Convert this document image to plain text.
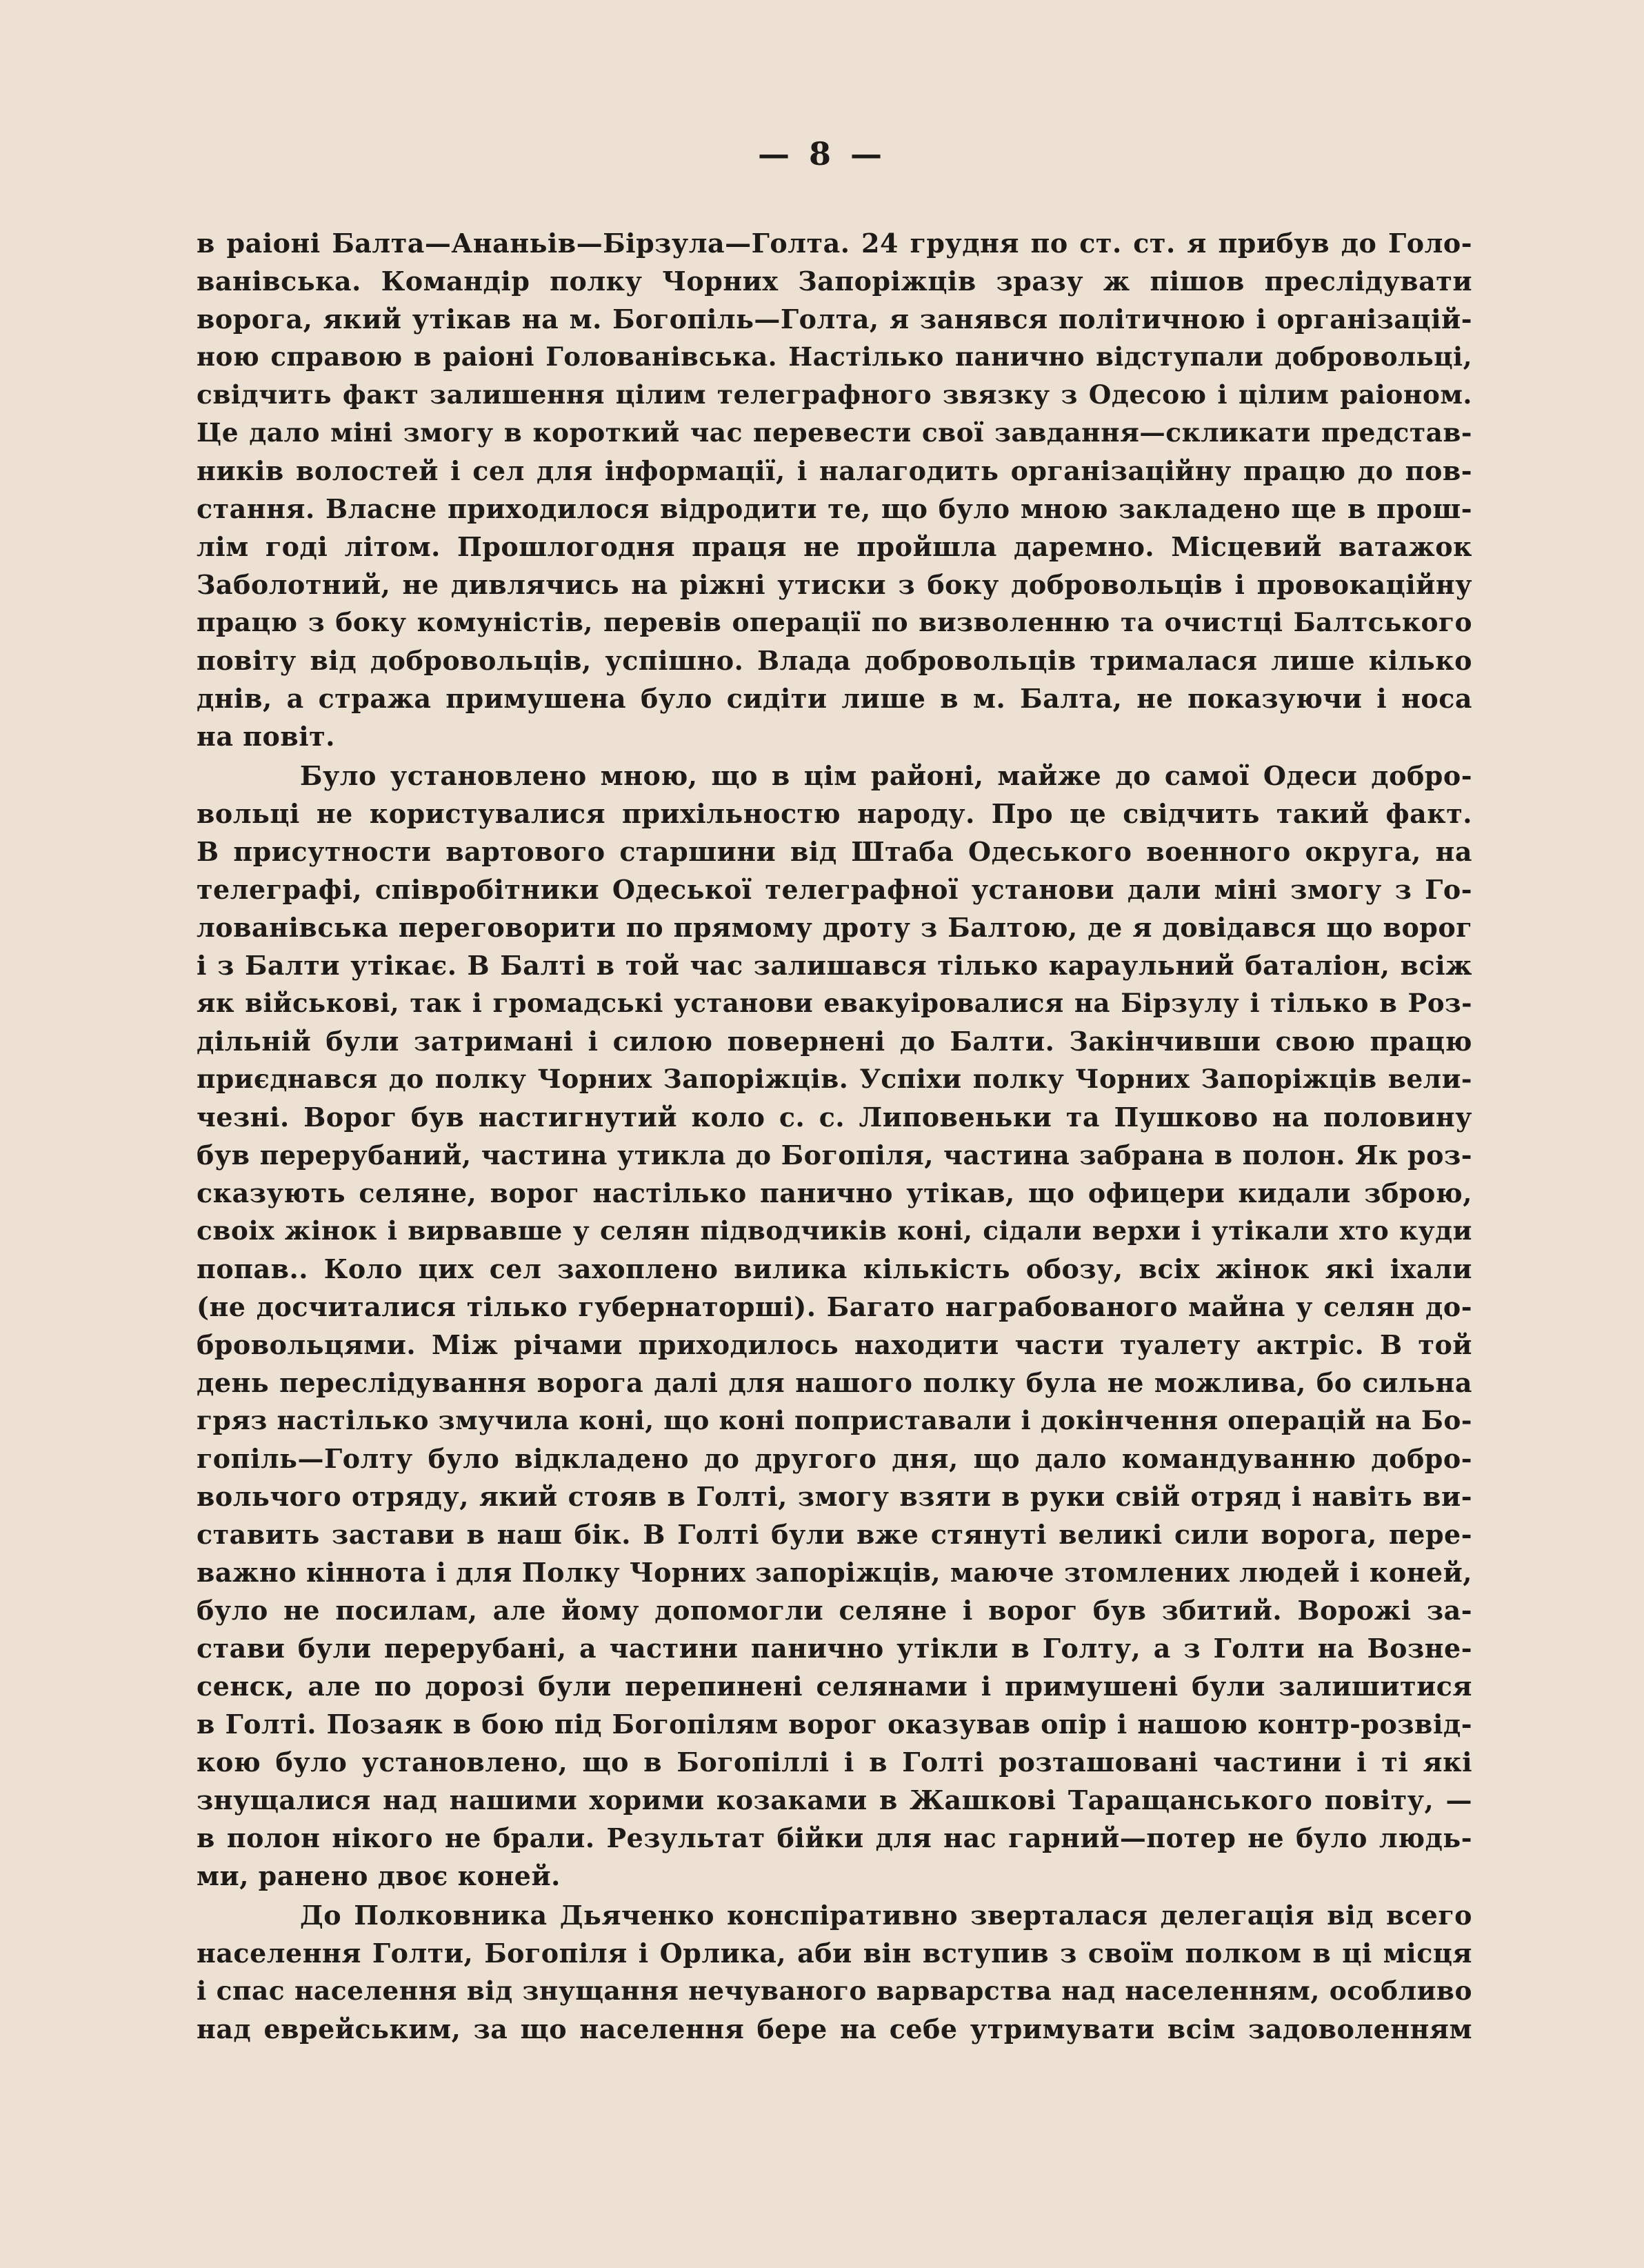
— 8 —
в раіоні Балта—Ананьів—Бірзула—Голта. 24 грудня по ст. ст. я прибув до Голо-
ванівська. Командір полку Чорних Запоріжців зразу ж пішов преслідувати
ворога, який утікав на м. Богопіль—Голта, я занявся політичною і організацій-
ною справою в раіоні Голованівська. Настілько панично відступали добровольці,
свідчить факт залишення цілим телеграфного звязку з Одесою і цілим раіоном.
Це дало міні змогу в короткий час перевести свої завдання—скликати представ-
ників волостей і сел для інформації, і налагодить організаційну працю до пов-
стання. Власне приходилося відродити те, що було мною закладено ще в прош-
лім годі літом. Прошлогодня праця не пройшла даремно. Місцевий ватажок
Заболотний, не дивлячись на ріжні утиски з боку добровольців і провокаційну
працю з боку комуністів, перевів операції по визволенню та очистці Балтського
повіту від добровольців, успішно. Влада добровольців трималася лише кілько
днів, а стража примушена було сидіти лише в м. Балта, не показуючи і носа
на повіт.
Було установлено мною, що в цім районі, майже до самої Одеси добро-
вольці не користувалися прихільностю народу. Про це свідчить такий факт.
В присутности вартового старшини від Штаба Одеського военного округа, на
телеграфі, співробітники Одеської телеграфної установи дали міні змогу з Го-
лованівська переговорити по прямому дроту з Балтою, де я довідався що ворог
і з Балти утікає. В Балті в той час залишався тілько караульний баталіон, всіж
як військові, так і громадські установи евакуіровалися на Бірзулу і тілько в Роз-
дільній були затримані і силою повернені до Балти. Закінчивши свою працю
приєднався до полку Чорних Запоріжців. Успіхи полку Чорних Запоріжців вели-
чезні. Ворог був настигнутий коло с. с. Липовеньки та Пушково на половину
був перерубаний, частина утикла до Богопіля, частина забрана в полон. Як роз-
сказують селяне, ворог настілько панично утікав, що офицери кидали зброю,
своіх жінок і вирвавше у селян підводчиків коні, сідали верхи і утікали хто куди
попав.. Коло цих сел захоплено вилика кількість обозу, всіх жінок які іхали
(не досчиталися тілько губернаторші). Багато награбованого майна у селян до-
бровольцями. Між річами приходилось находити части туалету актріс. В той
день переслідування ворога далі для нашого полку була не можлива, бо сильна
гряз настілько змучила коні, що коні поприставали і докінчення операцій на Бо-
гопіль—Голту було відкладено до другого дня, що дало командуванню добро-
вольчого отряду, який стояв в Голті, змогу взяти в руки свій отряд і навіть ви-
ставить застави в наш бік. В Голті були вже стянуті великі сили ворога, пере-
важно кіннота і для Полку Чорних запоріжців, маюче зтомлених людей і коней,
було не посилам, але йому допомогли селяне і ворог був збитий. Ворожі за-
стави були перерубані, а частини панично утікли в Голту, а з Голти на Возне-
сенск, але по дорозі були перепинені селянами і примушені були залишитися
в Голті. Позаяк в бою під Богопілям ворог оказував опір і нашою контр-розвід-
кою було установлено, що в Богопіллі і в Голті розташовані частини і ті які
знущалися над нашими хорими козаками в Жашкові Таращанського повіту, —
в полон нікого не брали. Результат бійки для нас гарний—потер не було людь-
ми, ранено двоє коней.
До Полковника Дьяченко конспіративно зверталася делегація від всего
населення Голти, Богопіля і Орлика, аби він вступив з своїм полком в ці місця
і спас населення від знущання нечуваного варварства над населенням, особливо
над еврейським, за що населення бере на себе утримувати всім задоволенням
